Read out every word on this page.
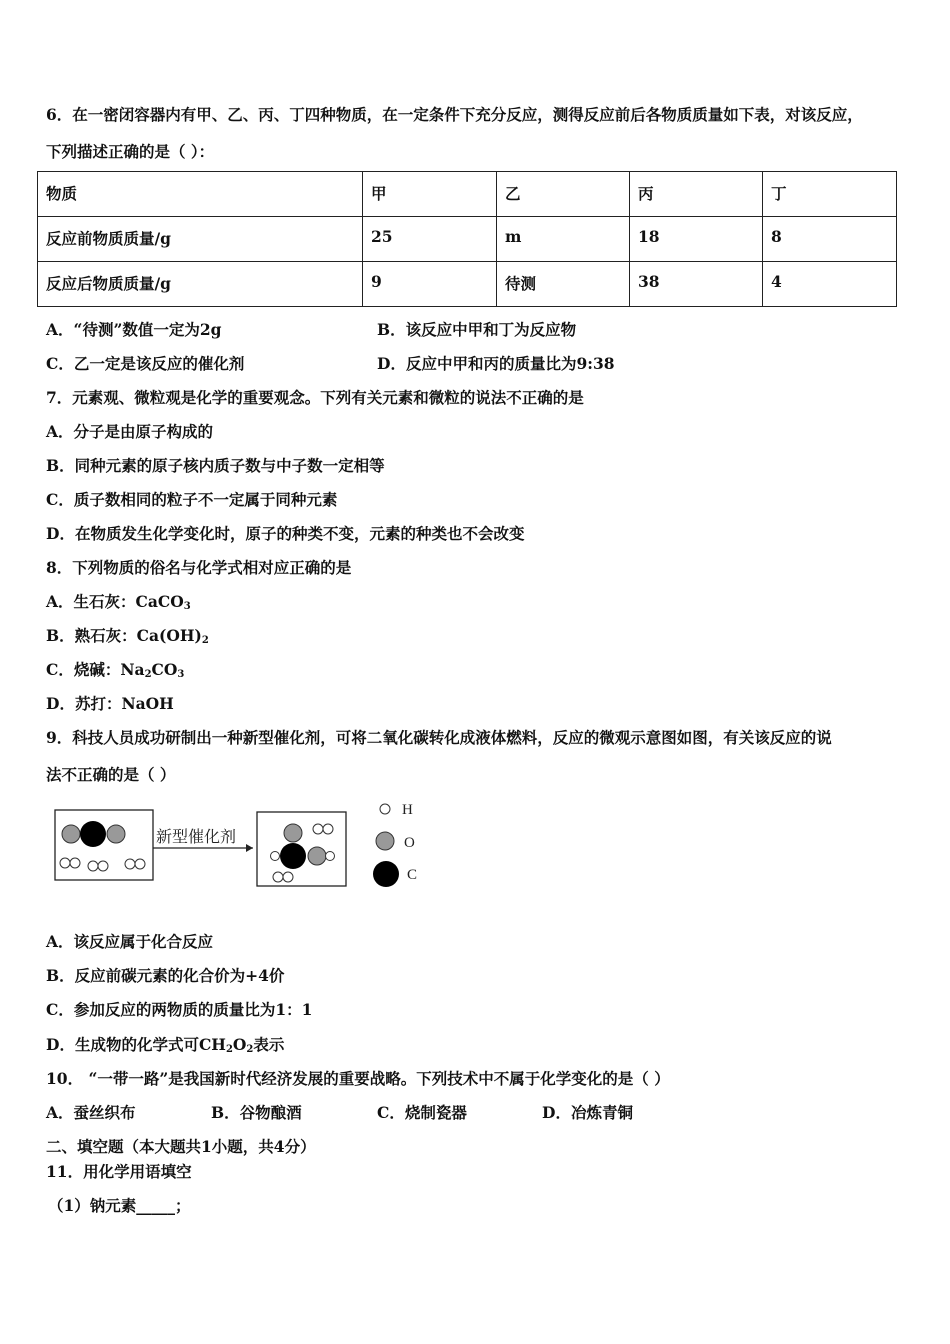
6．在一密闭容器内有甲、乙、丙、丁四种物质，在一定条件下充分反应，测得反应前后各物质质量如下表，对该反应，
下列描述正确的是（ ）：
物质	甲	乙	丙	丁
反应前物质质量/g	25	m	18	8
反应后物质质量/g	9	待测	38	4
A．“待测”数值一定为2g	B．该反应中甲和丁为反应物
C．乙一定是该反应的催化剂	D．反应中甲和丙的质量比为9:38
7．元素观、微粒观是化学的重要观念。下列有关元素和微粒的说法不正确的是
A．分子是由原子构成的
B．同种元素的原子核内质子数与中子数一定相等
C．质子数相同的粒子不一定属于同种元素
D．在物质发生化学变化时，原子的种类不变，元素的种类也不会改变
8．下列物质的俗名与化学式相对应正确的是
A．生石灰：CaCO$_3$
B．熟石灰：$Ca(OH)_2$
C．烧碱：$Na_2CO_3$
D．苏打：NaOH
9．科技人员成功研制出一种新型催化剂，可将二氧化碳转化成液体燃料，反应的微观示意图如图，有关该反应的说
法不正确的是（ ）
新型催化剂
H
O
C
A．该反应属于化合反应
B．反应前碳元素的化合价为+4价
C．参加反应的两物质的质量比为1：1
D．生成物的化学式可$CH_2O_2$表示
10． “一带一路”是我国新时代经济发展的重要战略。下列技术中不属于化学变化的是（ ）
A．蚕丝织布	B．谷物酿酒	C．烧制瓷器	D．冶炼青铜
二、填空题（本大题共1小题，共4分）
11．用化学用语填空
（1）钠元素_____；
